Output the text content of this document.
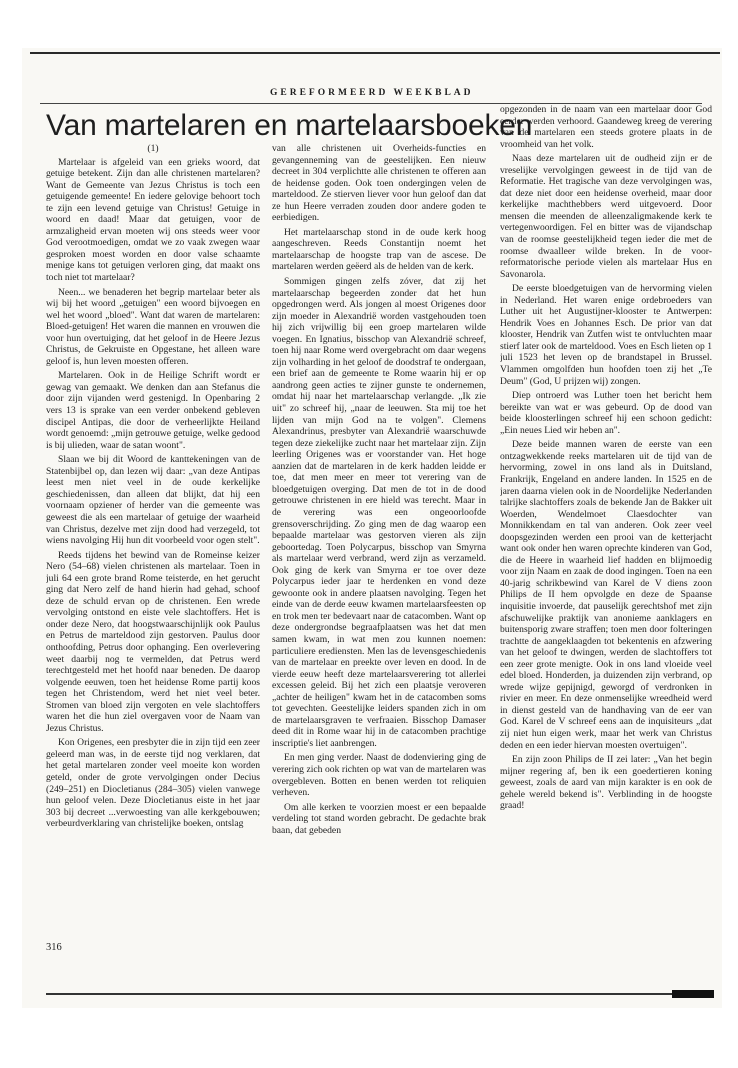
GEREFORMEERD WEEKBLAD
Van martelaren en martelaarsboeken
(1)

Martelaar is afgeleid van een grieks woord, dat getuige betekent. Zijn dan alle christenen martelaren? Want de Gemeente van Jezus Christus is toch een getuigende gemeente! En iedere gelovige behoort toch te zijn een levend getuige van Christus! Getuige in woord en daad! Maar dat getuigen, voor de armzaligheid ervan moeten wij ons steeds weer voor God verootmoedigen, omdat we zo vaak zwegen waar gesproken moest worden en door valse schaamte menige kans tot getuigen verloren ging, dat maakt ons toch niet tot martelaar?

Neen... we benaderen het begrip martelaar beter als wij bij het woord „getuigen" een woord bijvoegen en wel het woord „bloed". Want dat waren de martelaren: Bloed-getuigen! Het waren die mannen en vrouwen die voor hun overtuiging, dat het geloof in de Heere Jezus Christus, de Gekruiste en Opgestane, het alleen ware geloof is, hun leven moesten offeren.

Martelaren. Ook in de Heilige Schrift wordt er gewag van gemaakt. We denken dan aan Stefanus die door zijn vijanden werd gestenigd. In Openbaring 2 vers 13 is sprake van een verder onbekend gebleven discipel Antipas, die door de verheerlijkte Heiland wordt genoemd: „mijn getrouwe getuige, welke gedood is bij ulieden, waar de satan woont".

Slaan we bij dit Woord de kanttekeningen van de Statenbijbel op, dan lezen wij daar: „van deze Antipas leest men niet veel in de oude kerkelijke geschiedenissen, dan alleen dat blijkt, dat hij een voornaam opziener of herder van die gemeente was geweest die als een martelaar of getuige der waarheid van Christus, dezelve met zijn dood had verzegeld, tot wiens navolging Hij hun dit voorbeeld voor ogen stelt".

Reeds tijdens het bewind van de Romeinse keizer Nero (54–68) vielen christenen als martelaar. Toen in juli 64 een grote brand Rome teisterde, en het gerucht ging dat Nero zelf de hand hierin had gehad, schoof deze de schuld ervan op de christenen. Een wrede vervolging ontstond en eiste vele slachtoffers. Het is onder deze Nero, dat hoogstwaarschijnlijk ook Paulus en Petrus de marteldood zijn gestorven. Paulus door onthoofding, Petrus door ophanging. Een overlevering weet daarbij nog te vermelden, dat Petrus werd terechtgesteld met het hoofd naar beneden. De daarop volgende eeuwen, toen het heidense Rome partij koos tegen het Christendom, werd het niet veel beter. Stromen van bloed zijn vergoten en vele slachtoffers waren het die hun ziel overgaven voor de Naam van Jezus Christus.

Kon Origenes, een presbyter die in zijn tijd een zeer geleerd man was, in de eerste tijd nog verklaren, dat het getal martelaren zonder veel moeite kon worden geteld, onder de grote vervolgingen onder Decius (249–251) en Diocletianus (284–305) vielen vanwege hun geloof velen. Deze Diocletianus eiste in het jaar 303 bij decreet ...verwoesting van alle kerkgebouwen; verbeurdverklaring van christelijke boeken, ontslag

van alle christenen uit Overheids-functies en gevangenneming van de geestelijken. Een nieuw decreet in 304 verplichtte alle christenen te offeren aan de heidense goden. Ook toen ondergingen velen de marteldood. Ze stierven liever voor hun geloof dan dat ze hun Heere verraden zouden door andere goden te eerbiedigen.

Het martelaarschap stond in de oude kerk hoog aangeschreven. Reeds Constantijn noemt het martelaarschap de hoogste trap van de ascese. De martelaren werden geëerd als de helden van de kerk.

Sommigen gingen zelfs zóver, dat zij het martelaarschap begeerden zonder dat het hun opgedrongen werd. Als jongen al moest Origenes door zijn moeder in Alexandrië worden vastgehouden toen hij zich vrijwillig bij een groep martelaren wilde voegen. En Ignatius, bisschop van Alexandrië schreef, toen hij naar Rome werd overgebracht om daar wegens zijn volharding in het geloof de doodstraf te ondergaan, een brief aan de gemeente te Rome waarin hij er op aandrong geen acties te zijner gunste te ondernemen, omdat hij naar het martelaarschap verlangde. „Ik zie uit" zo schreef hij, „naar de leeuwen. Sta mij toe het lijden van mijn God na te volgen". Clemens Alexandrinus, presbyter van Alexandrië waarschuwde tegen deze ziekelijke zucht naar het martelaar zijn. Zijn leerling Origenes was er voorstander van. Het hoge aanzien dat de martelaren in de kerk hadden leidde er toe, dat men meer en meer tot verering van de bloedgetuigen overging. Dat men de tot in de dood getrouwe christenen in ere hield was terecht. Maar in de verering was een ongeoorloofde grensoverschrijding. Zo ging men de dag waarop een bepaalde martelaar was gestorven vieren als zijn geboortedag. Toen Polycarpus, bisschop van Smyrna als martelaar werd verbrand, werd zijn as verzameld. Ook ging de kerk van Smyrna er toe over deze Polycarpus ieder jaar te herdenken en vond deze gewoonte ook in andere plaatsen navolging. Tegen het einde van de derde eeuw kwamen martelaarsfeesten op en trok men ter bedevaart naar de catacomben. Want op deze ondergrondse begraafplaatsen was het dat men samen kwam, in wat men zou kunnen noemen: particuliere erediensten. Men las de levensgeschiedenis van de martelaar en preekte over leven en dood. In de vierde eeuw heeft deze martelaarsverering tot allerlei excessen geleid. Bij het zich een plaatsje veroveren „achter de heiligen" kwam het in de catacomben soms tot gevechten. Geestelijke leiders spanden zich in om de martelaarsgraven te verfraaien. Bisschop Damaser deed dit in Rome waar hij in de catacomben prachtige inscriptie's liet aanbrengen.

En men ging verder. Naast de dodenviering ging de verering zich ook richten op wat van de martelaren was overgebleven. Botten en benen werden tot reliquien verheven.

Om alle kerken te voorzien moest er een bepaalde verdeling tot stand worden gebracht. De gedachte brak baan, dat gebeden

opgezonden in de naam van een martelaar door God eerder werden verhoord. Gaandeweg kreeg de verering van de martelaren een steeds grotere plaats in de vroomheid van het volk.

Naas deze martelaren uit de oudheid zijn er de vreselijke vervolgingen geweest in de tijd van de Reformatie. Het tragische van deze vervolgingen was, dat deze niet door een heidense overheid, maar door kerkelijke machthebbers werd uitgevoerd. Door mensen die meenden de alleenzaligmakende kerk te vertegenwoordigen. Fel en bitter was de vijandschap van de roomse geestelijkheid tegen ieder die met de roomse dwaalleer wilde breken. In de voor-reformatorische periode vielen als martelaar Hus en Savonarola.

De eerste bloedgetuigen van de hervorming vielen in Nederland. Het waren enige ordebroeders van Luther uit het Augustijner-klooster te Antwerpen: Hendrik Voes en Johannes Esch. De prior van dat klooster, Hendrik van Zutfen wist te ontvluchten maar stierf later ook de marteldood. Voes en Esch lieten op 1 juli 1523 het leven op de brandstapel in Brussel. Vlammen omgolfden hun hoofden toen zij het „Te Deum" (God, U prijzen wij) zongen.

Diep ontroerd was Luther toen het bericht hem bereikte van wat er was gebeurd. Op de dood van beide kloosterlingen schreef hij een schoon gedicht: „Ein neues Lied wir heben an".

Deze beide mannen waren de eerste van een ontzagwekkende reeks martelaren uit de tijd van de hervorming, zowel in ons land als in Duitsland, Frankrijk, Engeland en andere landen. In 1525 en de jaren daarna vielen ook in de Noordelijke Nederlanden talrijke slachtoffers zoals de bekende Jan de Bakker uit Woerden, Wendelmoet Claesdochter van Monnikkendam en tal van anderen. Ook zeer veel doopsgezinden werden een prooi van de ketterjacht want ook onder hen waren oprechte kinderen van God, die de Heere in waarheid lief hadden en blijmoedig voor zijn Naam en zaak de dood ingingen. Toen na een 40-jarig schrikbewind van Karel de V diens zoon Philips de II hem opvolgde en deze de Spaanse inquisitie invoerde, dat pauselijk gerechtshof met zijn afschuwelijke praktijk van anonieme aanklagers en buitensporig zware straffen; toen men door folteringen trachtte de aangeklaagden tot bekentenis en afzwering van het geloof te dwingen, werden de slachtoffers tot een zeer grote menigte. Ook in ons land vloeide veel edel bloed. Honderden, ja duizenden zijn verbrand, op wrede wijze gepijnigd, geworgd of verdronken in rivier en meer. En deze onmenselijke wreedheid werd in dienst gesteld van de handhaving van de eer van God. Karel de V schreef eens aan de inquisiteurs „dat zij niet hun eigen werk, maar het werk van Christus deden en een ieder hiervan moesten overtuigen".

En zijn zoon Philips de II zei later: „Van het begin mijner regering af, ben ik een goedertieren koning geweest, zoals de aard van mijn karakter is en ook de gehele wereld bekend is". Verblinding in de hoogste graad!

316
